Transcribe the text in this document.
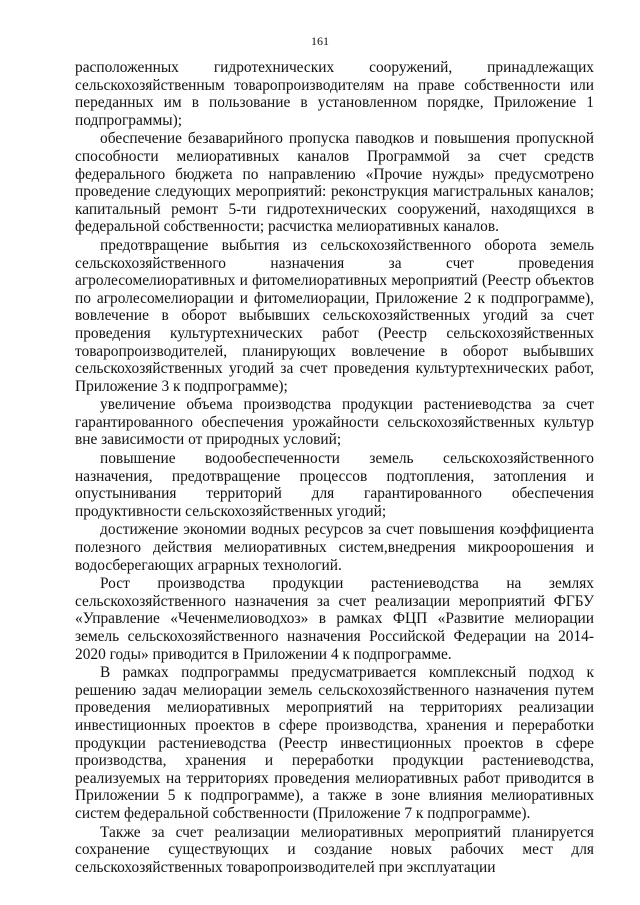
161

расположенных гидротехнических сооружений, принадлежащих сельскохозяйственным товаропроизводителям на праве собственности или переданных им в пользование в установленном порядке, Приложение 1 подпрограммы);

обеспечение безаварийного пропуска паводков и повышения пропускной способности мелиоративных каналов Программой за счет средств федерального бюджета по направлению «Прочие нужды» предусмотрено проведение следующих мероприятий: реконструкция магистральных каналов; капитальный ремонт 5-ти гидротехнических сооружений, находящихся в федеральной собственности; расчистка мелиоративных каналов.

предотвращение выбытия из сельскохозяйственного оборота земель сельскохозяйственного назначения за счет проведения агролесомелиоративных и фитомелиоративных мероприятий (Реестр объектов по агролесомелиорации и фитомелиорации, Приложение 2 к подпрограмме), вовлечение в оборот выбывших сельскохозяйственных угодий за счет проведения культуртехнических работ (Реестр сельскохозяйственных товаропроизводителей, планирующих вовлечение в оборот выбывших сельскохозяйственных угодий за счет проведения культуртехнических работ, Приложение 3 к подпрограмме);

увеличение объема производства продукции растениеводства за счет гарантированного обеспечения урожайности сельскохозяйственных культур вне зависимости от природных условий;

повышение водообеспеченности земель сельскохозяйственного назначения, предотвращение процессов подтопления, затопления и опустынивания территорий для гарантированного обеспечения продуктивности сельскохозяйственных угодий;

достижение экономии водных ресурсов за счет повышения коэффициента полезного действия мелиоративных систем,внедрения микроорошения и водосберегающих аграрных технологий.

Рост производства продукции растениеводства на землях сельскохозяйственного назначения за счет реализации мероприятий ФГБУ «Управление «Чеченмелиоводхоз» в рамках ФЦП «Развитие мелиорации земель сельскохозяйственного назначения Российской Федерации на 2014-2020 годы» приводится в Приложении 4 к подпрограмме.

В рамках подпрограммы предусматривается комплексный подход к решению задач мелиорации земель сельскохозяйственного назначения путем проведения мелиоративных мероприятий на территориях реализации инвестиционных проектов в сфере производства, хранения и переработки продукции растениеводства (Реестр инвестиционных проектов в сфере производства, хранения и переработки продукции растениеводства, реализуемых на территориях проведения мелиоративных работ приводится в Приложении 5 к подпрограмме), а также в зоне влияния мелиоративных систем федеральной собственности (Приложение 7 к подпрограмме).

Также за счет реализации мелиоративных мероприятий планируется сохранение существующих и создание новых рабочих мест для сельскохозяйственных товаропроизводителей при эксплуатации
